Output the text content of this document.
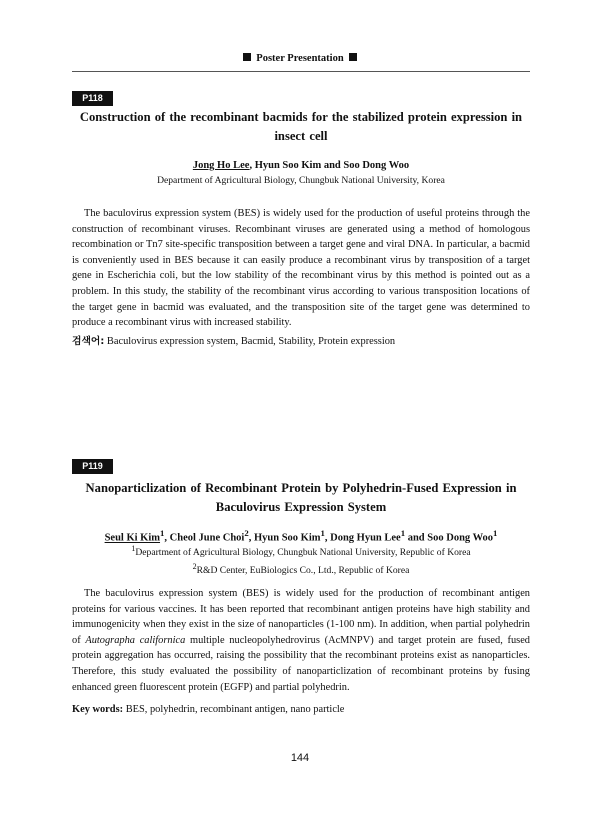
Poster Presentation
P118
Construction of the recombinant bacmids for the stabilized protein expression in
insect cell
Jong Ho Lee, Hyun Soo Kim and Soo Dong Woo
Department of Agricultural Biology, Chungbuk National University, Korea

The baculovirus expression system (BES) is widely used for the production of useful proteins through the construction of recombinant viruses. Recombinant viruses are generated using a method of homologous recombination or Tn7 site-specific transposition between a target gene and viral DNA. In particular, a bacmid is conveniently used in BES because it can easily produce a recombinant virus by transposition of a target gene in Escherichia coli, but the low stability of the recombinant virus by this method is pointed out as a problem. In this study, the stability of the recombinant virus according to various transposition locations of the target gene in bacmid was evaluated, and the transposition site of the target gene was determined to produce a recombinant virus with increased stability.

검색어: Baculovirus expression system, Bacmid, Stability, Protein expression
P119
Nanoparticlization of Recombinant Protein by Polyhedrin-Fused Expression in
Baculovirus Expression System
Seul Ki Kim$^1$, Cheol June Choi$^2$, Hyun Soo Kim$^1$, Dong Hyun Lee$^1$ and Soo Dong Woo$^1$
$^1$Department of Agricultural Biology, Chungbuk National University, Republic of Korea
$^2$R&D Center, EuBiologics Co., Ltd., Republic of Korea

The baculovirus expression system (BES) is widely used for the production of recombinant antigen proteins for various vaccines. It has been reported that recombinant antigen proteins have high stability and immunogenicity when they exist in the size of nanoparticles (1-100 nm). In addition, when partial polyhedrin of Autographa californica multiple nucleopolyhedrovirus (AcMNPV) and target protein are fused, fused protein aggregation has occurred, raising the possibility that the recombinant proteins exist as nanoparticles. Therefore, this study evaluated the possibility of nanoparticlization of recombinant proteins by fusing enhanced green fluorescent protein (EGFP) and partial polyhedrin.

Key words: BES, polyhedrin, recombinant antigen, nano particle
144
